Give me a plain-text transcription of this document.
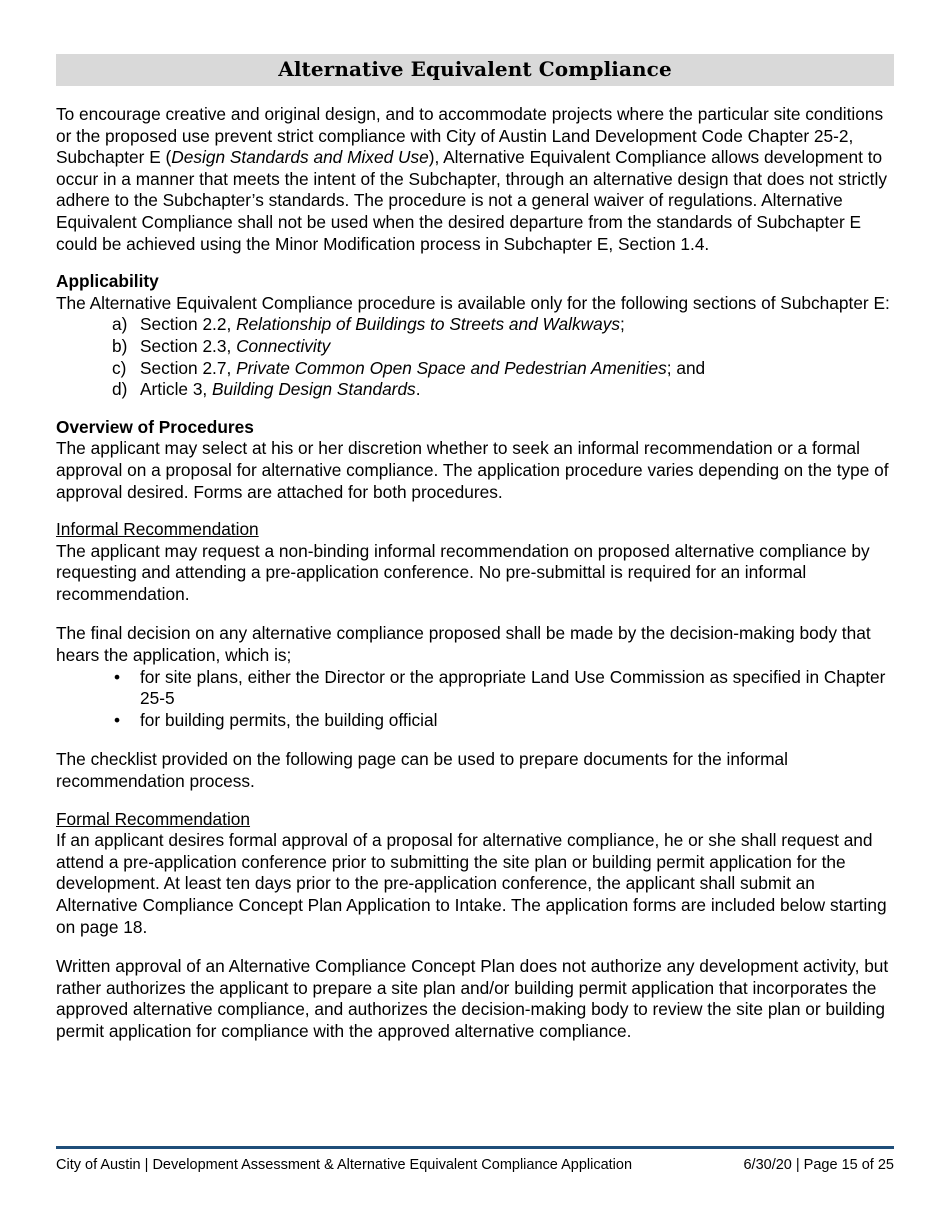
Alternative Equivalent Compliance

To encourage creative and original design, and to accommodate projects where the particular site conditions or the proposed use prevent strict compliance with City of Austin Land Development Code Chapter 25-2, Subchapter E (Design Standards and Mixed Use), Alternative Equivalent Compliance allows development to occur in a manner that meets the intent of the Subchapter, through an alternative design that does not strictly adhere to the Subchapter’s standards. The procedure is not a general waiver of regulations. Alternative Equivalent Compliance shall not be used when the desired departure from the standards of Subchapter E could be achieved using the Minor Modification process in Subchapter E, Section 1.4.

Applicability

The Alternative Equivalent Compliance procedure is available only for the following sections of Subchapter E:

a) Section 2.2, Relationship of Buildings to Streets and Walkways;
b) Section 2.3, Connectivity
c) Section 2.7, Private Common Open Space and Pedestrian Amenities; and
d) Article 3, Building Design Standards.
Overview of Procedures

The applicant may select at his or her discretion whether to seek an informal recommendation or a formal approval on a proposal for alternative compliance. The application procedure varies depending on the type of approval desired. Forms are attached for both procedures.

Informal Recommendation

The applicant may request a non-binding informal recommendation on proposed alternative compliance by requesting and attending a pre-application conference. No pre-submittal is required for an informal recommendation.

The final decision on any alternative compliance proposed shall be made by the decision-making body that hears the application, which is;

• for site plans, either the Director or the appropriate Land Use Commission as specified in Chapter 25-5
• for building permits, the building official

The checklist provided on the following page can be used to prepare documents for the informal recommendation process.

Formal Recommendation

If an applicant desires formal approval of a proposal for alternative compliance, he or she shall request and attend a pre-application conference prior to submitting the site plan or building permit application for the development. At least ten days prior to the pre-application conference, the applicant shall submit an Alternative Compliance Concept Plan Application to Intake. The application forms are included below starting on page 18.

Written approval of an Alternative Compliance Concept Plan does not authorize any development activity, but rather authorizes the applicant to prepare a site plan and/or building permit application that incorporates the approved alternative compliance, and authorizes the decision-making body to review the site plan or building permit application for compliance with the approved alternative compliance.

City of Austin | Development Assessment & Alternative Equivalent Compliance Application	6/30/20 | Page 15 of 25
